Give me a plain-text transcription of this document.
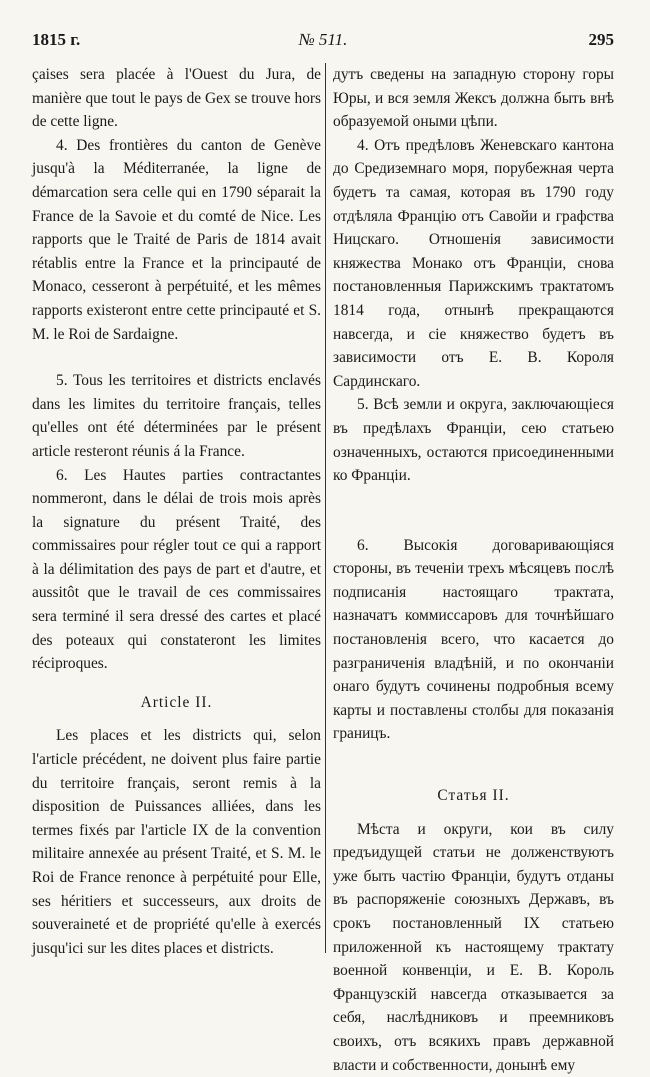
1815 г.	№ 511.	295

çaises sera placée à l'Ouest du Jura, de manière que tout le pays de Gex se trouve hors de cette ligne.

4. Des frontières du canton de Genève jusqu'à la Méditerranée, la ligne de démarcation sera celle qui en 1790 séparait la France de la Savoie et du comté de Nice. Les rapports que le Traité de Paris de 1814 avait rétablis entre la France et la principauté de Monaco, cesseront à perpétuité, et les mêmes rapports existeront entre cette principauté et S. M. le Roi de Sardaigne.

5. Tous les territoires et districts enclavés dans les limites du territoire français, telles qu'elles ont été déterminées par le présent article resteront réunis á la France.

6. Les Hautes parties contractantes nommeront, dans le délai de trois mois après la signature du présent Traité, des commissaires pour régler tout ce qui a rapport à la délimitation des pays de part et d'autre, et aussitôt que le travail de ces commissaires sera terminé il sera dressé des cartes et placé des poteaux qui constateront les limites réciproques.

Article II.

Les places et les districts qui, selon l'article précédent, ne doivent plus faire partie du territoire français, seront remis à la disposition de Puissances alliées, dans les termes fixés par l'article IX de la convention militaire annexée au présent Traité, et S. M. le Roi de France renonce à perpétuité pour Elle, ses héritiers et successeurs, aux droits de souveraineté et de propriété qu'elle à exercés jusqu'ici sur les dites places et districts.

дутъ сведены на западную сторону горы Юры, и вся земля Жексъ должна быть внѣ образуемой оными цѣпи.

4. Отъ предѣловъ Женевскаго кантона до Средиземнаго моря, порубежная черта будетъ та самая, которая въ 1790 году отдѣляла Францію отъ Савойи и графства Ницскаго. Отношенія зависимости княжества Монако отъ Франціи, снова постановленныя Парижскимъ трактатомъ 1814 года, отнынѣ прекращаются навсегда, и сіе княжество будетъ въ зависимости отъ Е. В. Короля Сардинскаго.

5. Всѣ земли и округа, заключающіеся въ предѣлахъ Франціи, сею статьею означенныхъ, остаются присоединенными ко Франціи.

6. Высокія договаривающіяся стороны, въ теченіи трехъ мѣсяцевъ послѣ подписанія настоящаго трактата, назначатъ коммиссаровъ для точнѣйшаго постановленія всего, что касается до разграниченія владѣній, и по окончаніи онаго будутъ сочинены подробныя всему карты и поставлены столбы для показанія границъ.

Статья II.

Мѣста и округи, кои въ силу предъидущей статьи не долженствуютъ уже быть частію Франціи, будутъ отданы въ распоряженіе союзныхъ Державъ, въ срокъ постановленный IX статьею приложенной къ настоящему трактату военной конвенціи, и Е. В. Король Французскій навсегда отказывается за себя, наслѣдниковъ и преемниковъ своихъ, отъ всякихъ правъ державной власти и собственности, донынѣ ему
